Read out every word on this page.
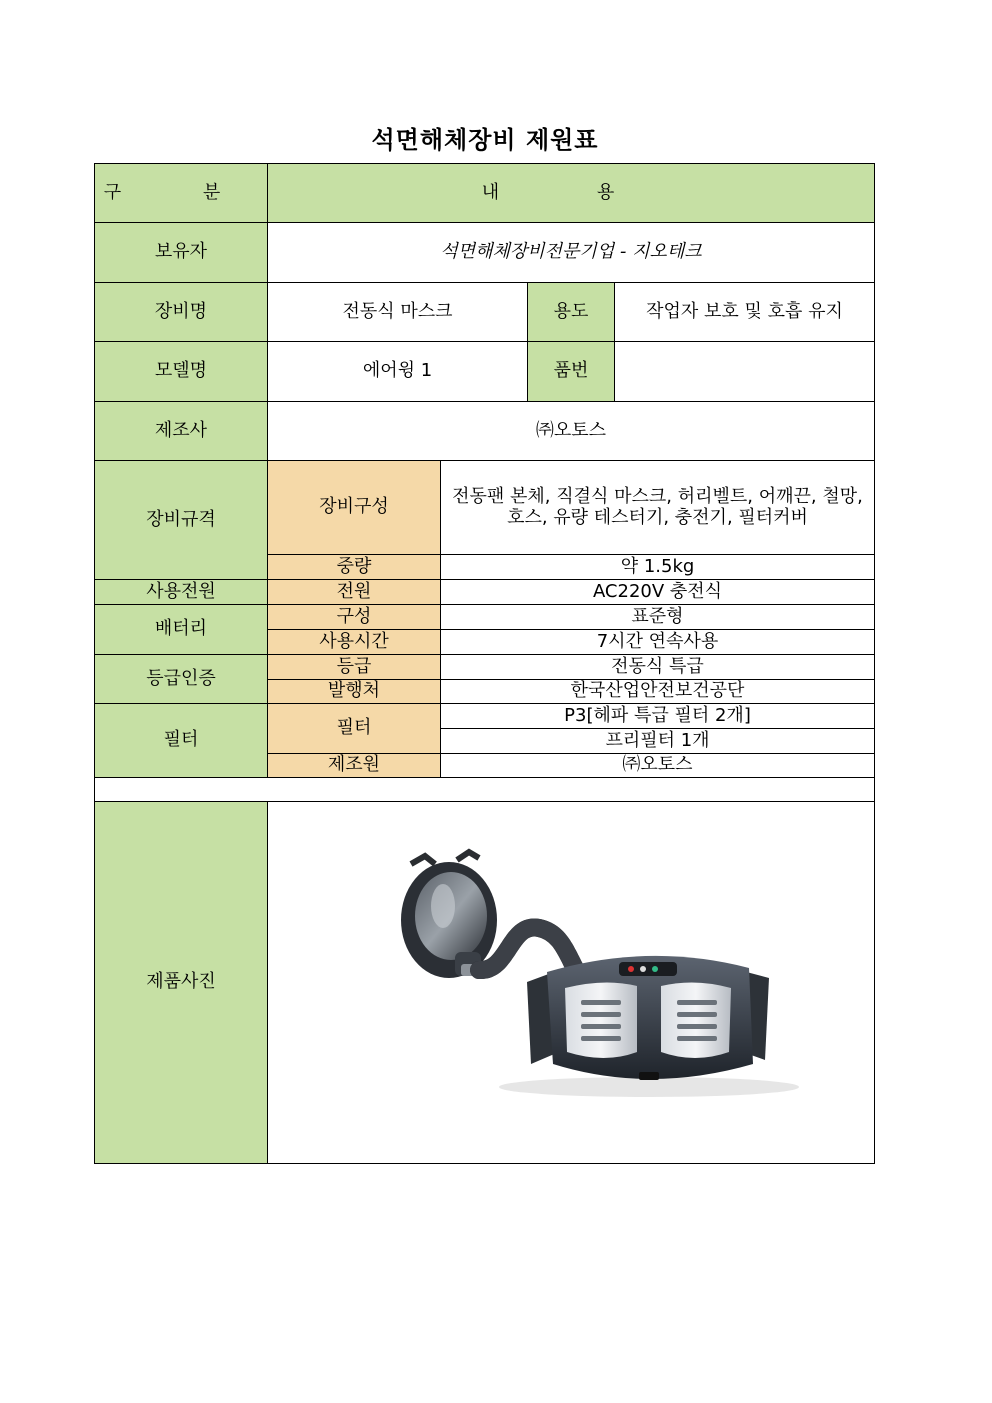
석면해체장비 제원표
구 분	내 용			
보유자	석면해체장비전문기업 - 지오테크			
장비명	전동식 마스크		용도	작업자 보호 및 호흡 유지
모델명	에어윙 1		품번	
제조사	㈜오토스			
장비규격	장비구성	전동팬 본체, 직결식 마스크, 허리벨트, 어깨끈, 철망, 호스, 유량 테스터기, 충전기, 필터커버		
	중량	약 1.5kg		
사용전원	전원	AC220V 충전식		
배터리	구성	표준형		
	사용시간	7시간 연속사용		
등급인증	등급	전동식 특급		
	발행처	한국산업안전보건공단		
필터	필터	P3[헤파 특급 필터 2개]		
		프리필터 1개		
	제조원	㈜오토스		

제품사진	
